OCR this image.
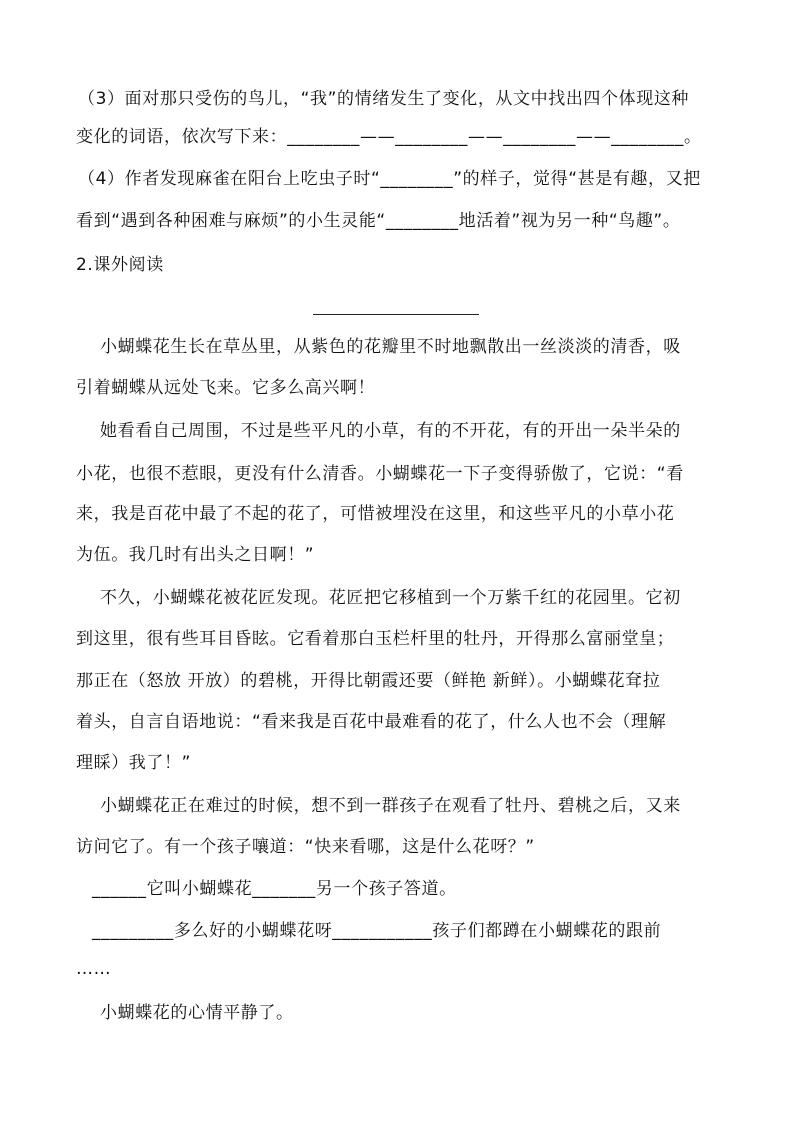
（3）面对那只受伤的鸟儿，“我”的情绪发生了变化，从文中找出四个体现这种
变化的词语，依次写下来：________——________——________——________。
（4）作者发现麻雀在阳台上吃虫子时“________”的样子，觉得“甚是有趣，又把
看到“遇到各种困难与麻烦”的小生灵能“________地活着”视为另一种“鸟趣”。
2.课外阅读
小蝴蝶花生长在草丛里，从紫色的花瓣里不时地飘散出一丝淡淡的清香，吸
引着蝴蝶从远处飞来。它多么高兴啊！
她看看自己周围，不过是些平凡的小草，有的不开花，有的开出一朵半朵的
小花，也很不惹眼，更没有什么清香。小蝴蝶花一下子变得骄傲了，它说：“看
来，我是百花中最了不起的花了，可惜被埋没在这里，和这些平凡的小草小花
为伍。我几时有出头之日啊！”
不久，小蝴蝶花被花匠发现。花匠把它移植到一个万紫千红的花园里。它初
到这里，很有些耳目昏眩。它看着那白玉栏杆里的牡丹，开得那么富丽堂皇；
那正在（怒放 开放）的碧桃，开得比朝霞还要（鲜艳 新鲜）。小蝴蝶花耷拉
着头，自言自语地说：“看来我是百花中最难看的花了，什么人也不会（理解
理睬）我了！”
小蝴蝶花正在难过的时候，想不到一群孩子在观看了牡丹、碧桃之后，又来
访问它了。有一个孩子嚷道：“快来看哪，这是什么花呀？”
______它叫小蝴蝶花_______另一个孩子答道。
_________多么好的小蝴蝶花呀___________孩子们都蹲在小蝴蝶花的跟前
……
小蝴蝶花的心情平静了。
